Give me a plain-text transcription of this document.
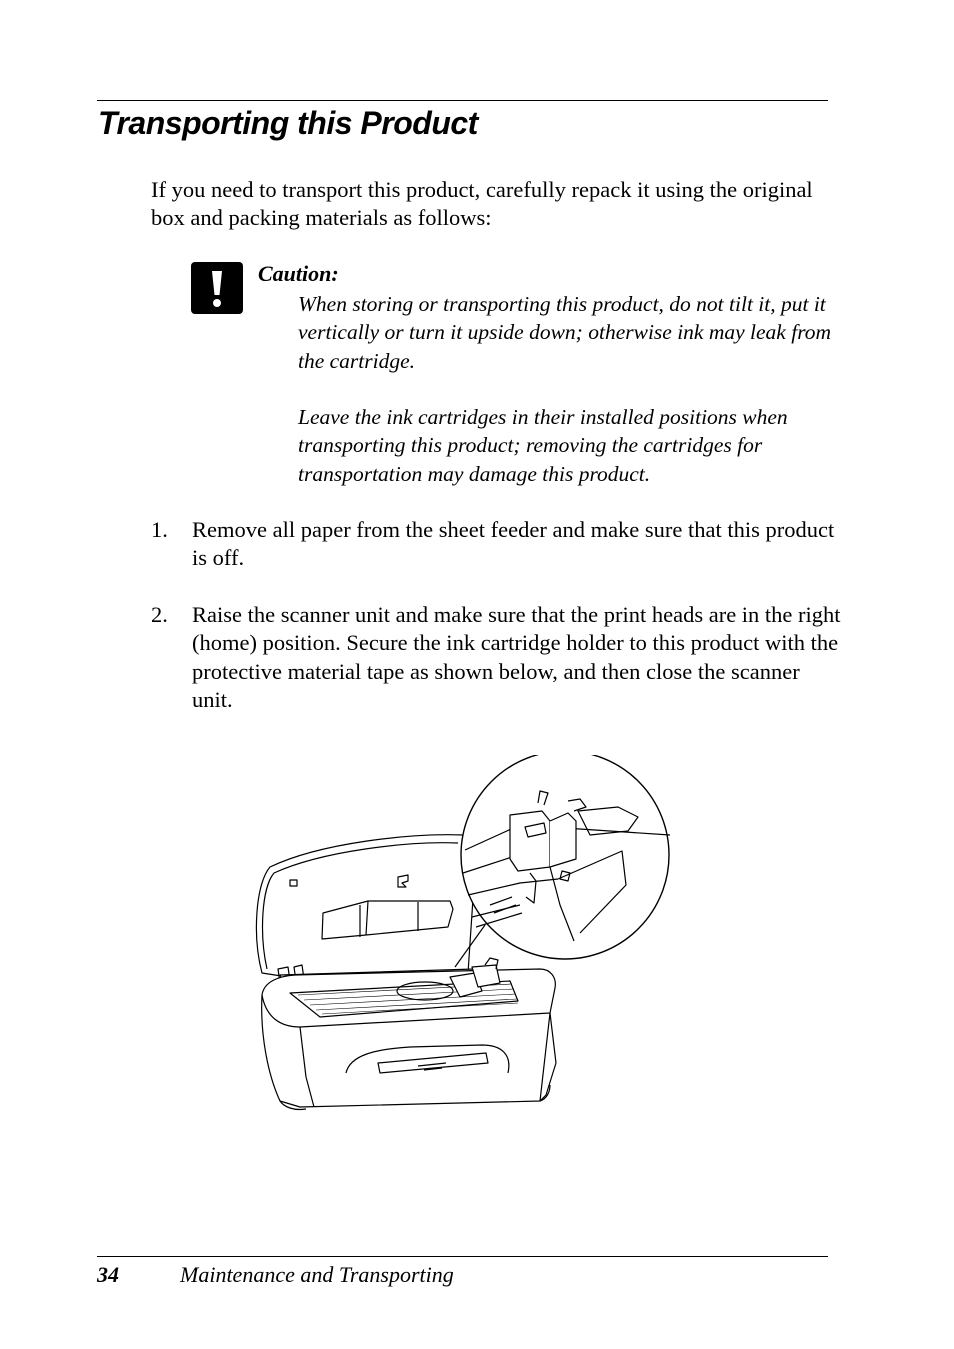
Transporting this Product

If you need to transport this product, carefully repack it using the original box and packing materials as follows:

Caution:

When storing or transporting this product, do not tilt it, put it vertically or turn it upside down; otherwise ink may leak from the cartridge.

Leave the ink cartridges in their installed positions when transporting this product; removing the cartridges for transportation may damage this product.

1. Remove all paper from the sheet feeder and make sure that this product is off.

2. Raise the scanner unit and make sure that the print heads are in the right (home) position. Secure the ink cartridge holder to this product with the protective material tape as shown below, and then close the scanner unit.

34	Maintenance and Transporting
